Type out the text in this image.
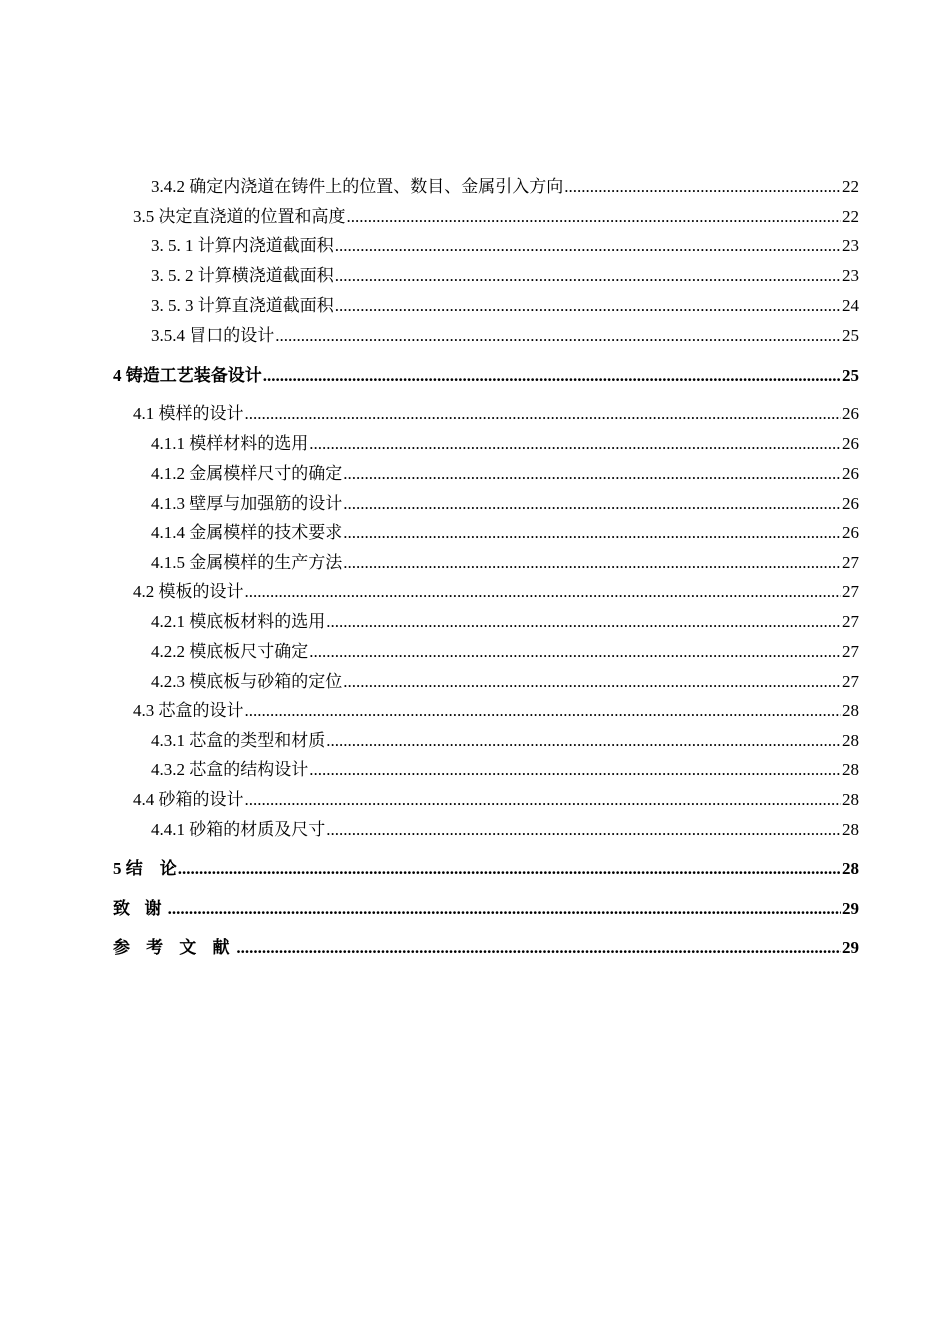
3.4.2 确定内浇道在铸件上的位置、数目、金属引入方向 .....	22
3.5 决定直浇道的位置和高度 .....	22
3. 5. 1 计算内浇道截面积 .....	23
3. 5. 2 计算横浇道截面积 .....	23
3. 5. 3 计算直浇道截面积 .....	24
3.5.4 冒口的设计 .....	25
4 铸造工艺装备设计 .....	25
4.1 模样的设计 .....	26
4.1.1 模样材料的选用 .....	26
4.1.2 金属模样尺寸的确定 .....	26
4.1.3 壁厚与加强筋的设计 .....	26
4.1.4 金属模样的技术要求 .....	26
4.1.5 金属模样的生产方法 .....	27
4.2 模板的设计 .....	27
4.2.1 模底板材料的选用 .....	27
4.2.2 模底板尺寸确定 .....	27
4.2.3 模底板与砂箱的定位 .....	27
4.3 芯盒的设计 .....	28
4.3.1 芯盒的类型和材质 .....	28
4.3.2 芯盒的结构设计 .....	28
4.4 砂箱的设计 .....	28
4.4.1 砂箱的材质及尺寸 .....	28
5 结    论 .....	28
致 谢 .....	29
参 考 文 献 .....	29
